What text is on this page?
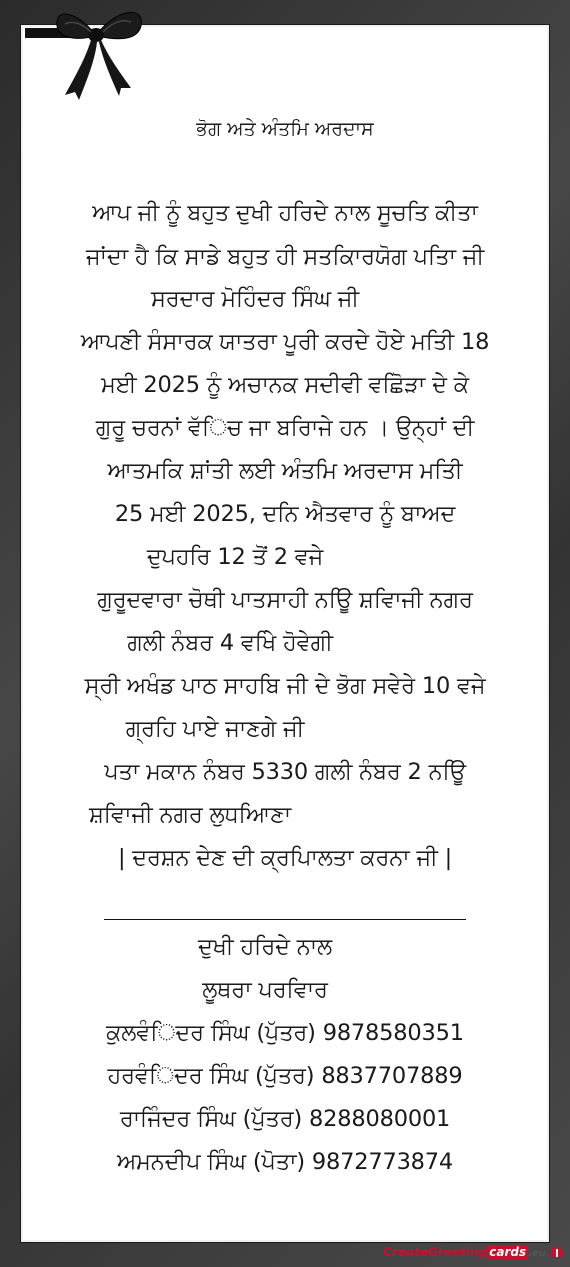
ਭੋਗ ਅਤੇ ਅੰਤਮਿ ਅਰਦਾਸ
ਆਪ ਜੀ ਨੂੰ ਬਹੁਤ ਦੁਖੀ ਹਰਿਦੇ ਨਾਲ ਸੂਚਤਿ ਕੀਤਾ
ਜਾਂਦਾ ਹੈ ਕਿ ਸਾਡੇ ਬਹੁਤ ਹੀ ਸਤਕਿਾਰਯੋਗ ਪਤਿਾ ਜੀ
ਸਰਦਾਰ ਮੋਹਿੰਦਰ ਸਿੰਘ ਜੀ
ਆਪਣੀ ਸੰਸਾਰਕ ਯਾਤਰਾ ਪੂਰੀ ਕਰਦੇ ਹੋਏ ਮਤਿੀ 18
ਮਈ 2025 ਨੂੰ ਅਚਾਨਕ ਸਦੀਵੀ ਵਛਿੋੜਾ ਦੇ ਕੇ
ਗੁਰੂ ਚਰਨਾਂ ਵੱਿਚ ਜਾ ਬਰਿਾਜੇ ਹਨ । ਉਨ੍ਹਾਂ ਦੀ
ਆਤਮਕਿ ਸ਼ਾਂਤੀ ਲਈ ਅੰਤਮਿ ਅਰਦਾਸ ਮਤਿੀ
25 ਮਈ 2025, ਦਨਿ ਐਤਵਾਰ ਨੂੰ ਬਾਅਦ
ਦੁਪਹਰਿ 12 ਤੋਂ 2 ਵਜੇ
ਗੁਰੂਦਵਾਰਾ ਚੋਥੀ ਪਾਤਸਾਹੀ ਨਊਿ ਸ਼ਵਿਾਜੀ ਨਗਰ
ਗਲੀ ਨੰਬਰ 4 ਵਖਿੇ ਹੋਵੇਗੀ
ਸ੍ਰੀ ਅਖੰਡ ਪਾਠ ਸਾਹਬਿ ਜੀ ਦੇ ਭੋਗ ਸਵੇਰੇ 10 ਵਜੇ
ਗ੍ਰਹਿ ਪਾਏ ਜਾਣਗੇ ਜੀ
ਪਤਾ ਮਕਾਨ ਨੰਬਰ 5330 ਗਲੀ ਨੰਬਰ 2 ਨਊਿ
ਸ਼ਵਿਾਜੀ ਨਗਰ ਲੁਧਆਿਣਾ
| ਦਰਸ਼ਨ ਦੇਣ ਦੀ ਕ੍ਰਪਿਾਲਤਾ ਕਰਨਾ ਜੀ |
ਦੁਖੀ ਹਰਿਦੇ ਨਾਲ
ਲੂਥਰਾ ਪਰਵਿਾਰ
ਕੁਲਵੰਿਦਰ ਸਿੰਘ (ਪੁੱਤਰ) 9878580351
ਹਰਵੰਿਦਰ ਸਿੰਘ (ਪੁੱਤਰ) 8837707889
ਰਾਜਿੰਦਰ ਸਿੰਘ (ਪੁੱਤਰ) 8288080001
ਅਮਨਦੀਪ ਸਿੰਘ (ਪੋਤਾ) 9872773874
CreateGreeting cards .eu
